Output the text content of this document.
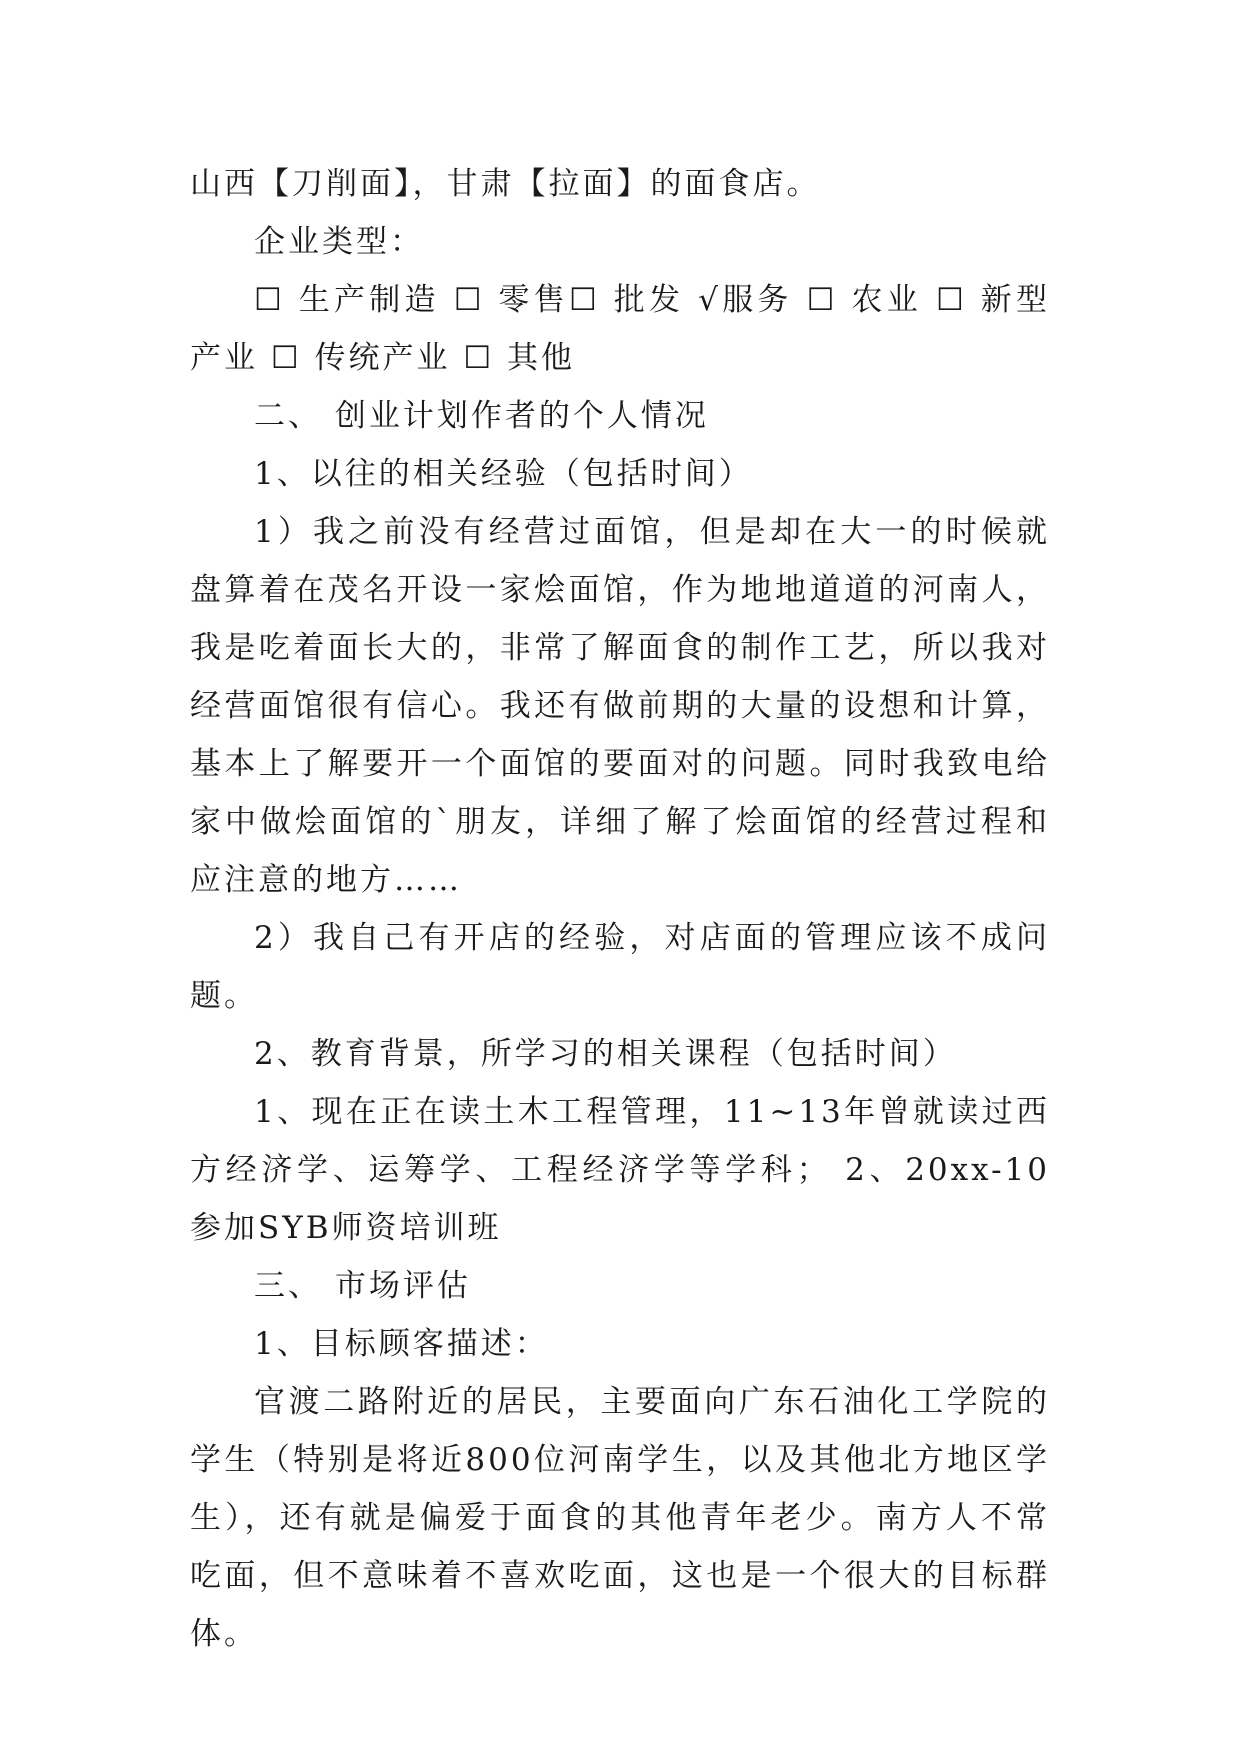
山西【刀削面】，甘肃【拉面】的面食店。

企业类型：

☐ 生产制造 ☐ 零售☐ 批发 √服务 ☐ 农业 ☐ 新型产业 ☐ 传统产业 ☐ 其他

二、 创业计划作者的个人情况

1、以往的相关经验（包括时间）

1）我之前没有经营过面馆，但是却在大一的时候就盘算着在茂名开设一家烩面馆，作为地地道道的河南人，我是吃着面长大的，非常了解面食的制作工艺，所以我对经营面馆很有信心。我还有做前期的大量的设想和计算，基本上了解要开一个面馆的要面对的问题。同时我致电给家中做烩面馆的`朋友，详细了解了烩面馆的经营过程和应注意的地方……

2）我自己有开店的经验，对店面的管理应该不成问题。

2、教育背景，所学习的相关课程（包括时间）

1、现在正在读土木工程管理，11~13年曾就读过西方经济学、运筹学、工程经济学等学科； 2、20xx-10 参加SYB师资培训班

三、 市场评估

1、目标顾客描述：

官渡二路附近的居民，主要面向广东石油化工学院的学生（特别是将近800位河南学生，以及其他北方地区学生），还有就是偏爱于面食的其他青年老少。南方人不常吃面，但不意味着不喜欢吃面，这也是一个很大的目标群体。
